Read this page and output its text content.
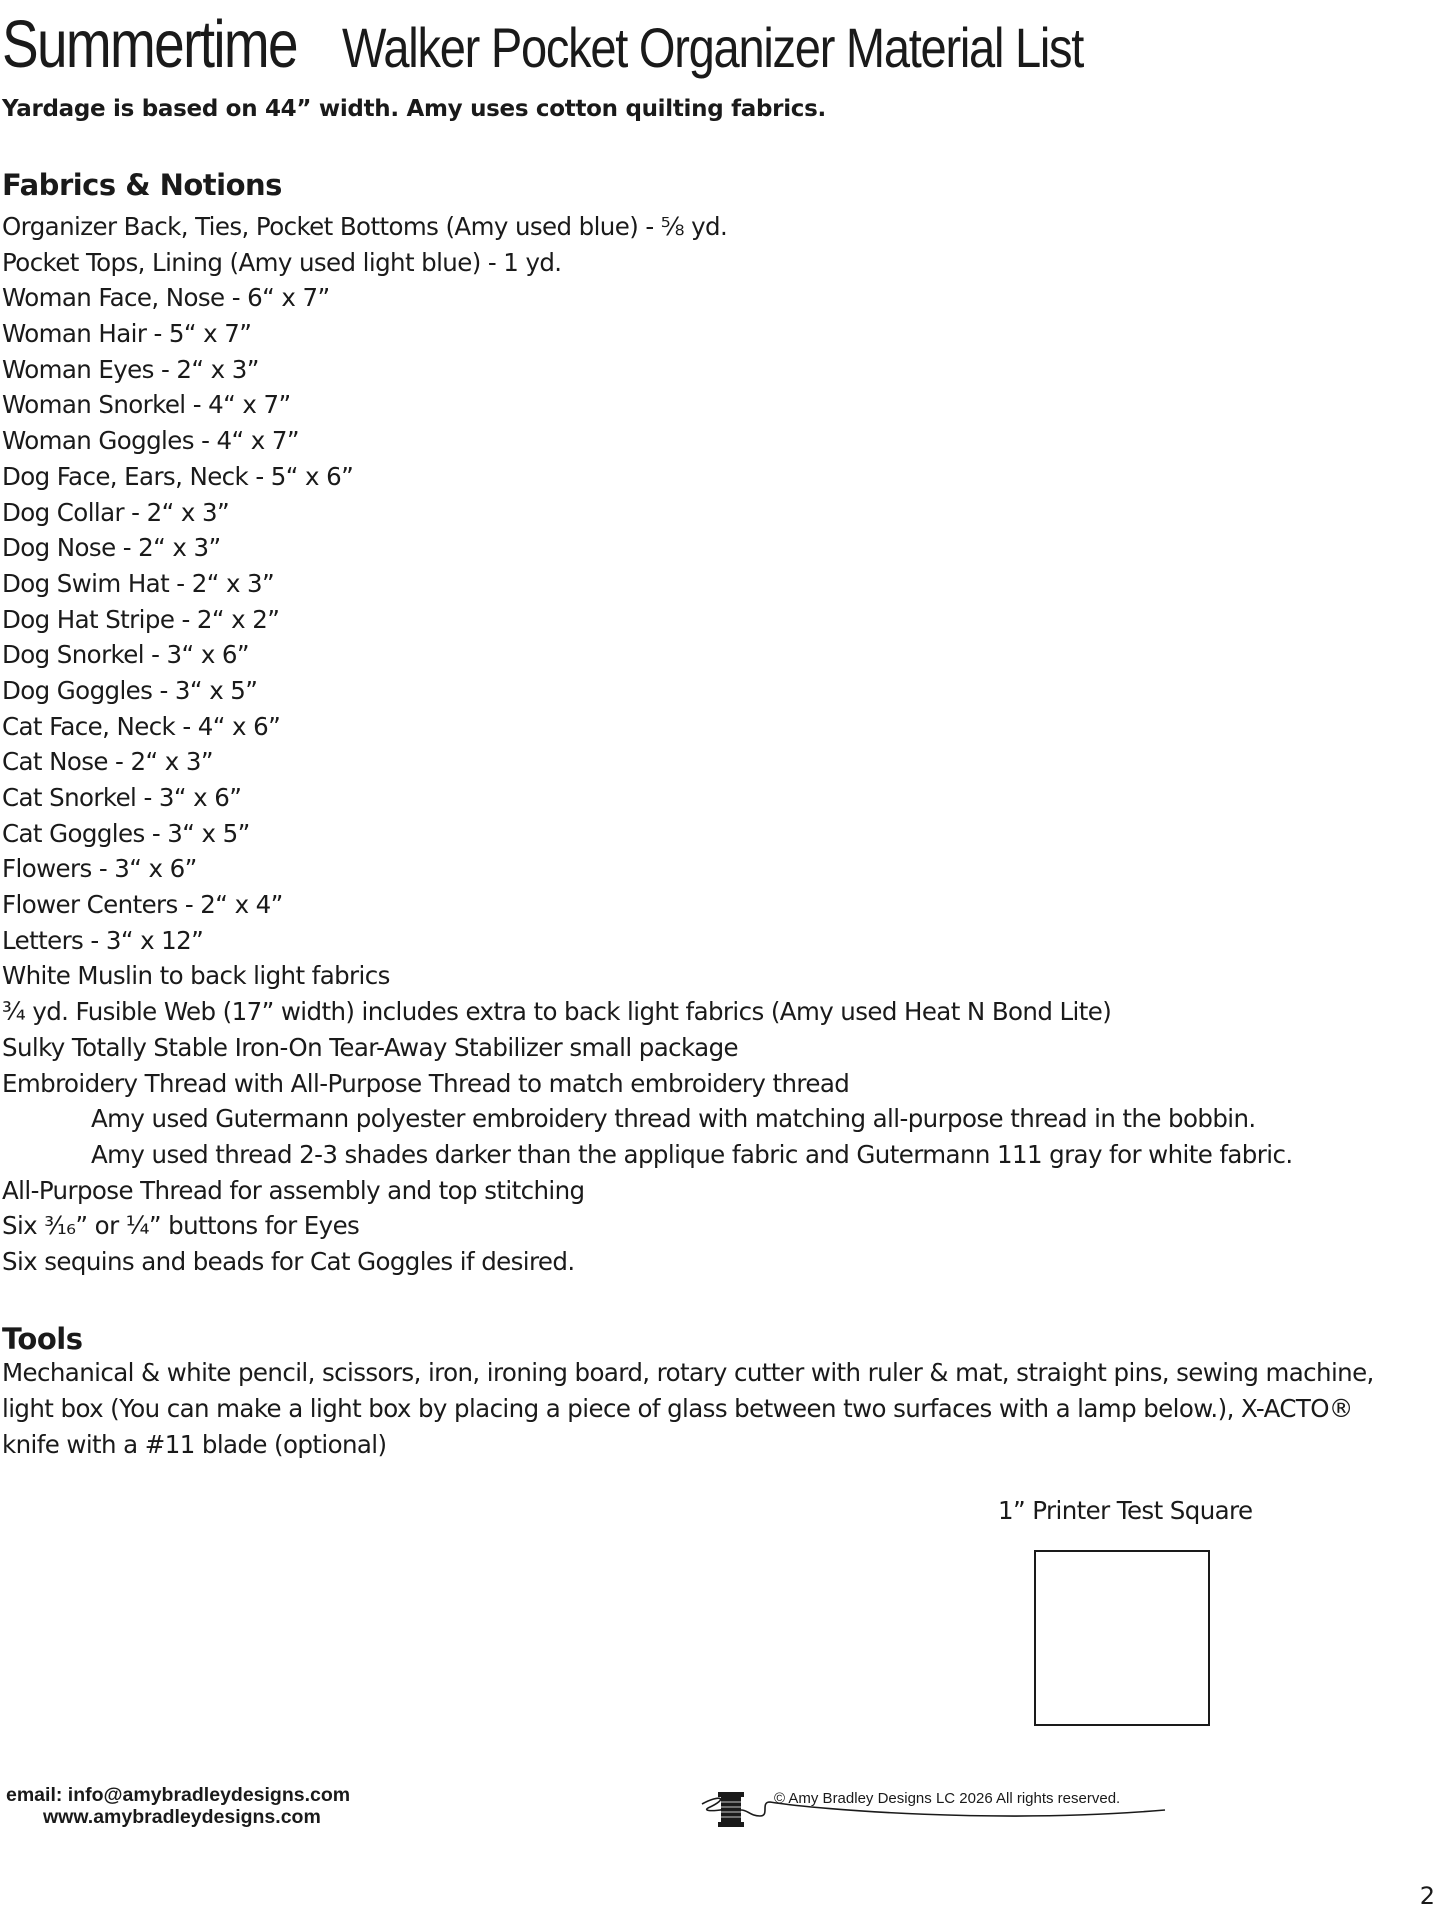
Summertime Walker Pocket Organizer Material List
Yardage is based on 44” width. Amy uses cotton quilting fabrics.
Fabrics & Notions
Organizer Back, Ties, Pocket Bottoms (Amy used blue) - ⅝ yd.
Pocket Tops, Lining (Amy used light blue) - 1 yd.
Woman Face, Nose - 6“ x 7”
Woman Hair - 5“ x 7”
Woman Eyes - 2“ x 3”
Woman Snorkel - 4“ x 7”
Woman Goggles - 4“ x 7”
Dog Face, Ears, Neck - 5“ x 6”
Dog Collar - 2“ x 3”
Dog Nose - 2“ x 3”
Dog Swim Hat - 2“ x 3”
Dog Hat Stripe - 2“ x 2”
Dog Snorkel - 3“ x 6”
Dog Goggles - 3“ x 5”
Cat Face, Neck - 4“ x 6”
Cat Nose - 2“ x 3”
Cat Snorkel - 3“ x 6”
Cat Goggles - 3“ x 5”
Flowers - 3“ x 6”
Flower Centers - 2“ x 4”
Letters - 3“ x 12”
White Muslin to back light fabrics
¾ yd. Fusible Web (17” width) includes extra to back light fabrics (Amy used Heat N Bond Lite)
Sulky Totally Stable Iron-On Tear-Away Stabilizer small package
Embroidery Thread with All-Purpose Thread to match embroidery thread
Amy used Gutermann polyester embroidery thread with matching all-purpose thread in the bobbin.
Amy used thread 2-3 shades darker than the applique fabric and Gutermann 111 gray for white fabric.
All-Purpose Thread for assembly and top stitching
Six ³⁄₁₆” or ¼” buttons for Eyes
Six sequins and beads for Cat Goggles if desired.
Tools
Mechanical & white pencil, scissors, iron, ironing board, rotary cutter with ruler & mat, straight pins, sewing machine, light box (You can make a light box by placing a piece of glass between two surfaces with a lamp below.), X-ACTO® knife with a #11 blade (optional)
1” Printer Test Square
email: info@amybradleydesigns.com
www.amybradleydesigns.com
© Amy Bradley Designs LC 2026 All rights reserved.
2
